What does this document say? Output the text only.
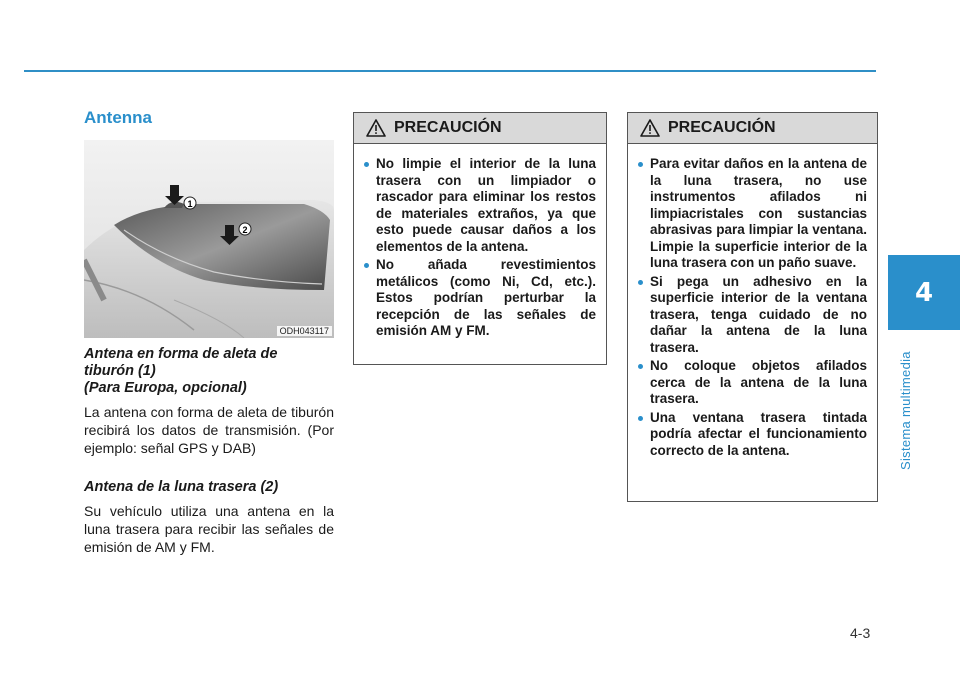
Antenna
1
2
ODH043117
Antena en forma de aleta de
tiburón (1)
(Para Europa, opcional)

La antena con forma de aleta de tiburón recibirá los datos de transmisión. (Por ejemplo: señal GPS y DAB)

Antena de la luna trasera (2)

Su vehículo utiliza una antena en la luna trasera para recibir las señales de emisión de AM y FM.

PRECAUCIÓN
No limpie el interior de la luna trasera con un limpiador o rascador para eliminar los restos de materiales extraños, ya que esto puede causar daños a los elementos de la antena.
No añada revestimientos metálicos (como Ni, Cd, etc.). Estos podrían perturbar la recepción de las señales de emisión AM y FM.
PRECAUCIÓN
Para evitar daños en la antena de la luna trasera, no use instrumentos afilados ni limpiacristales con sustancias abrasivas para limpiar la ventana. Limpie la superficie interior de la luna trasera con un paño suave.
Si pega un adhesivo en la superficie interior de la ventana trasera, tenga cuidado de no dañar la antena de la luna trasera.
No coloque objetos afilados cerca de la antena de la luna trasera.
Una ventana trasera tintada podría afectar el funcionamiento correcto de la antena.
4
Sistema multimedia
4-3
